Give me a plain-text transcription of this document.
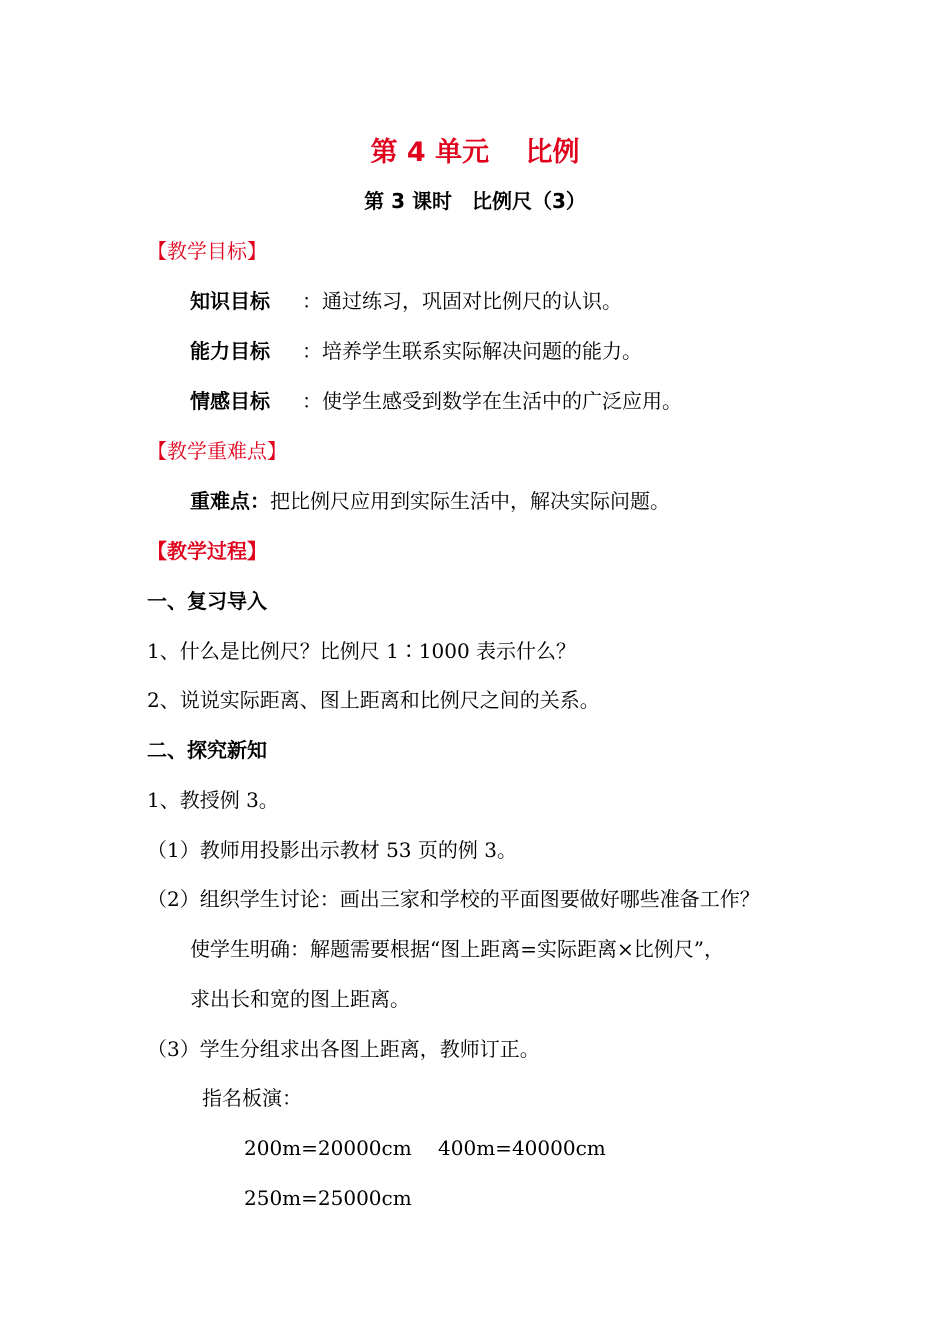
第 4 单元　 比例
第 3 课时　比例尺（3）
【教学目标】
知识目标 ：通过练习，巩固对比例尺的认识。
能力目标 ：培养学生联系实际解决问题的能力。
情感目标 ：使学生感受到数学在生活中的广泛应用。
【教学重难点】
重难点：把比例尺应用到实际生活中，解决实际问题。
【教学过程】
一、复习导入
1、什么是比例尺？比例尺 1∶1000 表示什么？
2、说说实际距离、图上距离和比例尺之间的关系。
二、探究新知
1、教授例 3。
（1）教师用投影出示教材 53 页的例 3。
（2）组织学生讨论：画出三家和学校的平面图要做好哪些准备工作？
使学生明确：解题需要根据“图上距离=实际距离×比例尺”，
求出长和宽的图上距离。
（3）学生分组求出各图上距离，教师订正。
指名板演：
200m=20000cm　 400m=40000cm
250m=25000cm
